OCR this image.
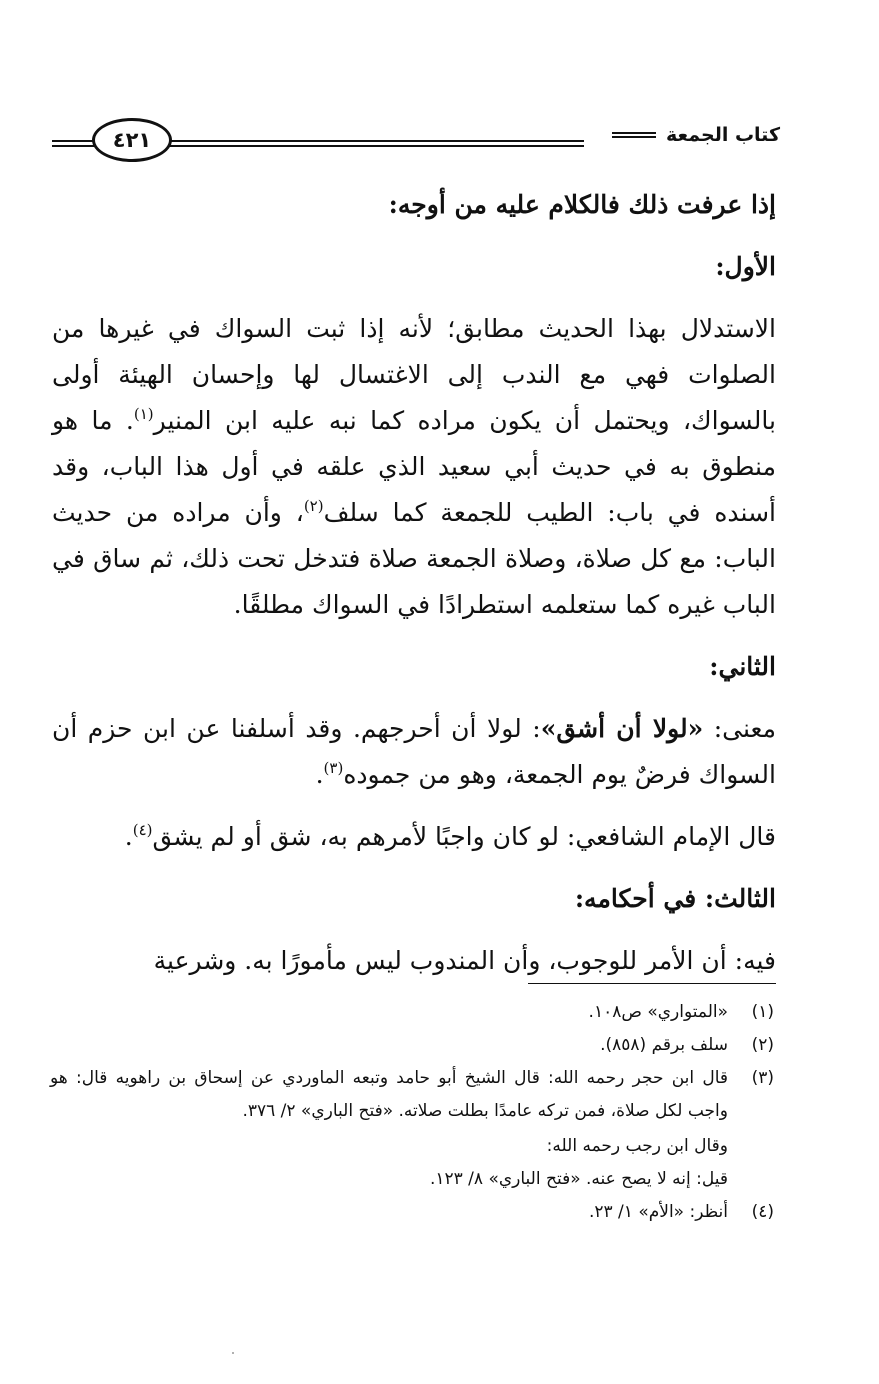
كتاب الجمعة
٤٢١

إذا عرفت ذلك فالكلام عليه من أوجه:

الأول:

الاستدلال بهذا الحديث مطابق؛ لأنه إذا ثبت السواك في غيرها من الصلوات فهي مع الندب إلى الاغتسال لها وإحسان الهيئة أولى بالسواك، ويحتمل أن يكون مراده كما نبه عليه ابن المنير$^{(١)}$. ما هو منطوق به في حديث أبي سعيد الذي علقه في أول هذا الباب، وقد أسنده في باب: الطيب للجمعة كما سلف$^{(٢)}$، وأن مراده من حديث الباب: مع كل صلاة، وصلاة الجمعة صلاة فتدخل تحت ذلك، ثم ساق في الباب غيره كما ستعلمه استطرادًا في السواك مطلقًا.

الثاني:

معنى: «لولا أن أشق»: لولا أن أحرجهم. وقد أسلفنا عن ابن حزم أن السواك فرضٌ يوم الجمعة، وهو من جموده$^{(٣)}$.

قال الإمام الشافعي: لو كان واجبًا لأمرهم به، شق أو لم يشق$^{(٤)}$.

الثالث: في أحكامه:

فيه: أن الأمر للوجوب، وأن المندوب ليس مأمورًا به. وشرعية

(١)
«المتواري» ص١٠٨.
(٢)
سلف برقم (٨٥٨).
(٣)
قال ابن حجر رحمه الله: قال الشيخ أبو حامد وتبعه الماوردي عن إسحاق بن راهويه قال: هو واجب لكل صلاة، فمن تركه عامدًا بطلت صلاته. «فتح الباري» ٢/ ٣٧٦.
وقال ابن رجب رحمه الله:
قيل: إنه لا يصح عنه. «فتح الباري» ٨/ ١٢٣.
(٤)
أنظر: «الأم» ١/ ٢٣.
